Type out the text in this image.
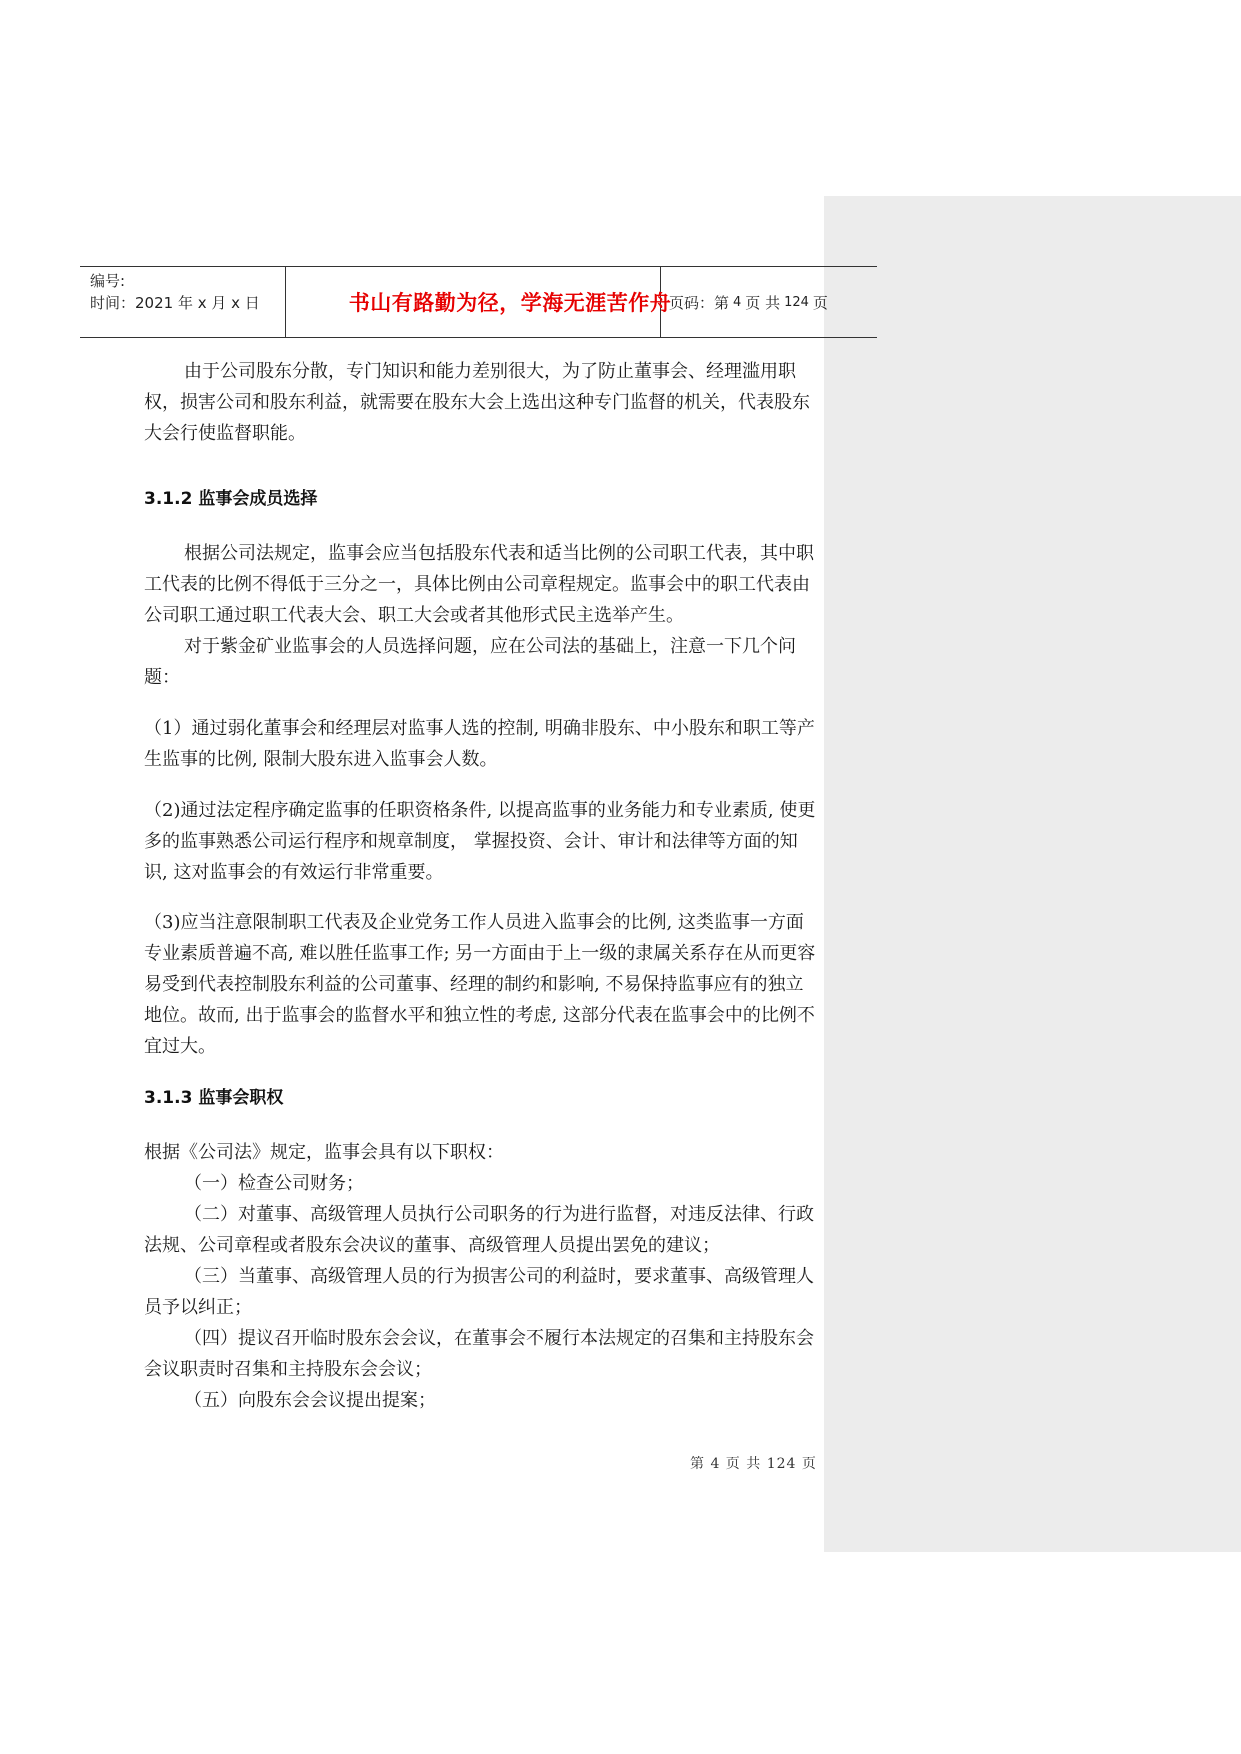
编号:
时间：2021 年 x 月 x 日	书山有路勤为径，学海无涯苦作舟
页码：第 4 页 共 124 页

由于公司股东分散，专门知识和能力差别很大，为了防止董事会、经理滥用职权，损害公司和股东利益，就需要在股东大会上选出这种专门监督的机关，代表股东大会行使监督职能。

3.1.2 监事会成员选择

根据公司法规定，监事会应当包括股东代表和适当比例的公司职工代表，其中职工代表的比例不得低于三分之一，具体比例由公司章程规定。监事会中的职工代表由公司职工通过职工代表大会、职工大会或者其他形式民主选举产生。

对于紫金矿业监事会的人员选择问题，应在公司法的基础上，注意一下几个问题：

（1）通过弱化董事会和经理层对监事人选的控制, 明确非股东、中小股东和职工等产生监事的比例, 限制大股东进入监事会人数。

（2)通过法定程序确定监事的任职资格条件, 以提高监事的业务能力和专业素质, 使更多的监事熟悉公司运行程序和规章制度， 掌握投资、会计、审计和法律等方面的知识, 这对监事会的有效运行非常重要。

（3)应当注意限制职工代表及企业党务工作人员进入监事会的比例, 这类监事一方面专业素质普遍不高, 难以胜任监事工作; 另一方面由于上一级的隶属关系存在从而更容易受到代表控制股东利益的公司董事、经理的制约和影响, 不易保持监事应有的独立地位。故而, 出于监事会的监督水平和独立性的考虑, 这部分代表在监事会中的比例不宜过大。

3.1.3 监事会职权

根据《公司法》规定，监事会具有以下职权：

（一）检查公司财务；

（二）对董事、高级管理人员执行公司职务的行为进行监督，对违反法律、行政法规、公司章程或者股东会决议的董事、高级管理人员提出罢免的建议；

（三）当董事、高级管理人员的行为损害公司的利益时，要求董事、高级管理人员予以纠正；

（四）提议召开临时股东会会议，在董事会不履行本法规定的召集和主持股东会会议职责时召集和主持股东会会议；

（五）向股东会会议提出提案；

第 4 页 共 124 页
